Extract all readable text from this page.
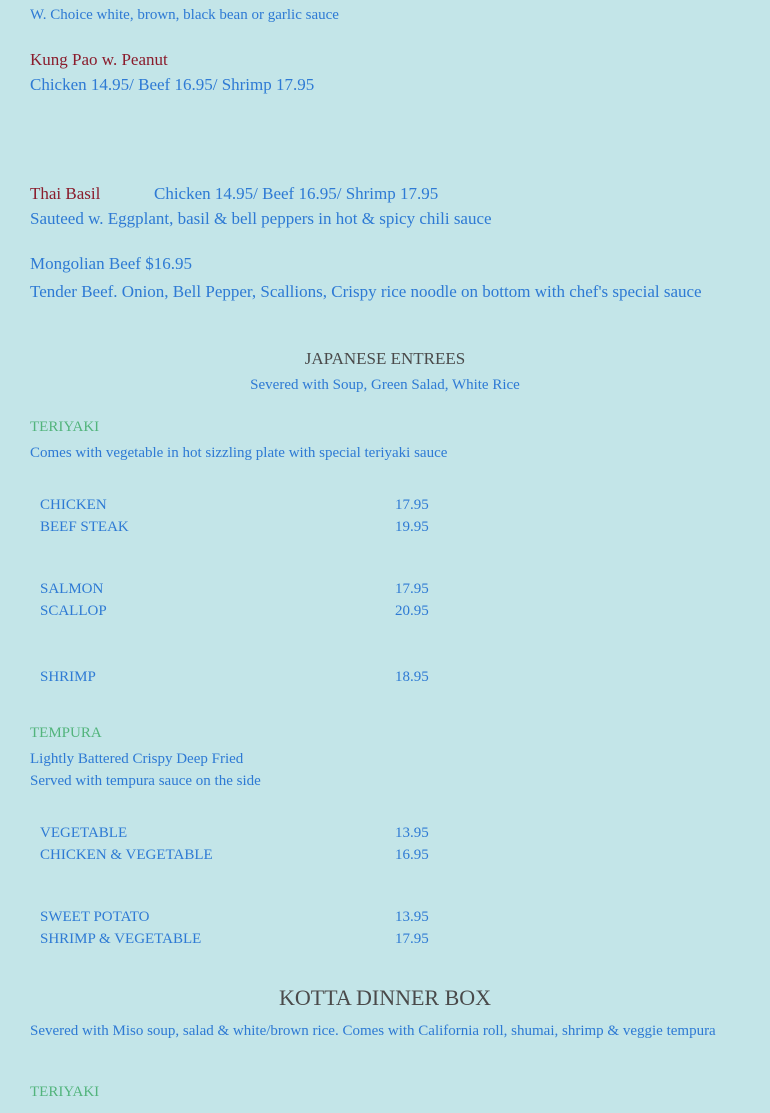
W. Choice white, brown, black bean or garlic sauce
Kung Pao w. Peanut
Chicken 14.95/ Beef 16.95/ Shrimp 17.95
Thai Basil	Chicken 14.95/ Beef 16.95/ Shrimp 17.95
Sauteed w. Eggplant, basil & bell peppers in hot & spicy chili sauce
Mongolian Beef $16.95
Tender Beef. Onion, Bell Pepper, Scallions, Crispy rice noodle on bottom with chef's special sauce
JAPANESE ENTREES
Severed with Soup, Green Salad, White Rice
TERIYAKI
Comes with vegetable in hot sizzling plate with special teriyaki sauce
CHICKEN	17.95
BEEF STEAK	19.95
SALMON	17.95
SCALLOP	20.95
SHRIMP	18.95
TEMPURA
Lightly Battered Crispy Deep Fried
Served with tempura sauce on the side
VEGETABLE	13.95
CHICKEN & VEGETABLE	16.95
SWEET POTATO	13.95
SHRIMP & VEGETABLE	17.95
KOTTA DINNER BOX
Severed with Miso soup, salad & white/brown rice. Comes with California roll, shumai, shrimp & veggie tempura
TERIYAKI
